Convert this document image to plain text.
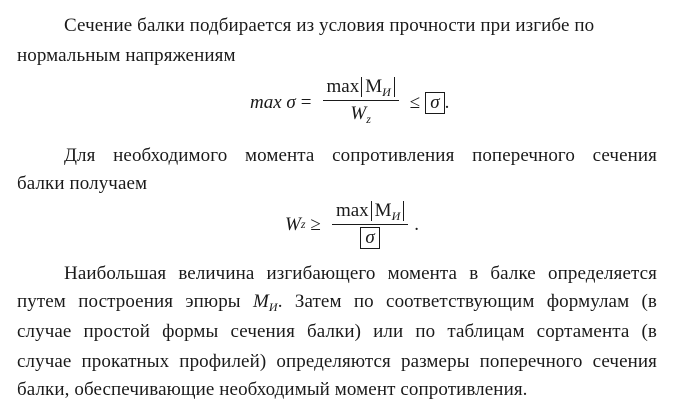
Сечение балки подбирается из условия прочности при изгибе по
нормальным напряжениям
$\max \sigma = \frac{\max M_И}{W_z} \le \sigma$ .
Для необходимого момента сопротивления поперечного сечения
балки получаем
W $z \ge \frac{\max M_И}{\sigma}$ .
Наибольшая величина изгибающего момента в балке определяется
путем построения эпюры $M_И$. Затем по соответствующим формулам (в
случае простой формы сечения балки) или по таблицам сортамента (в
случае прокатных профилей) определяются размеры поперечного сечения
балки, обеспечивающие необходимый момент сопротивления.
